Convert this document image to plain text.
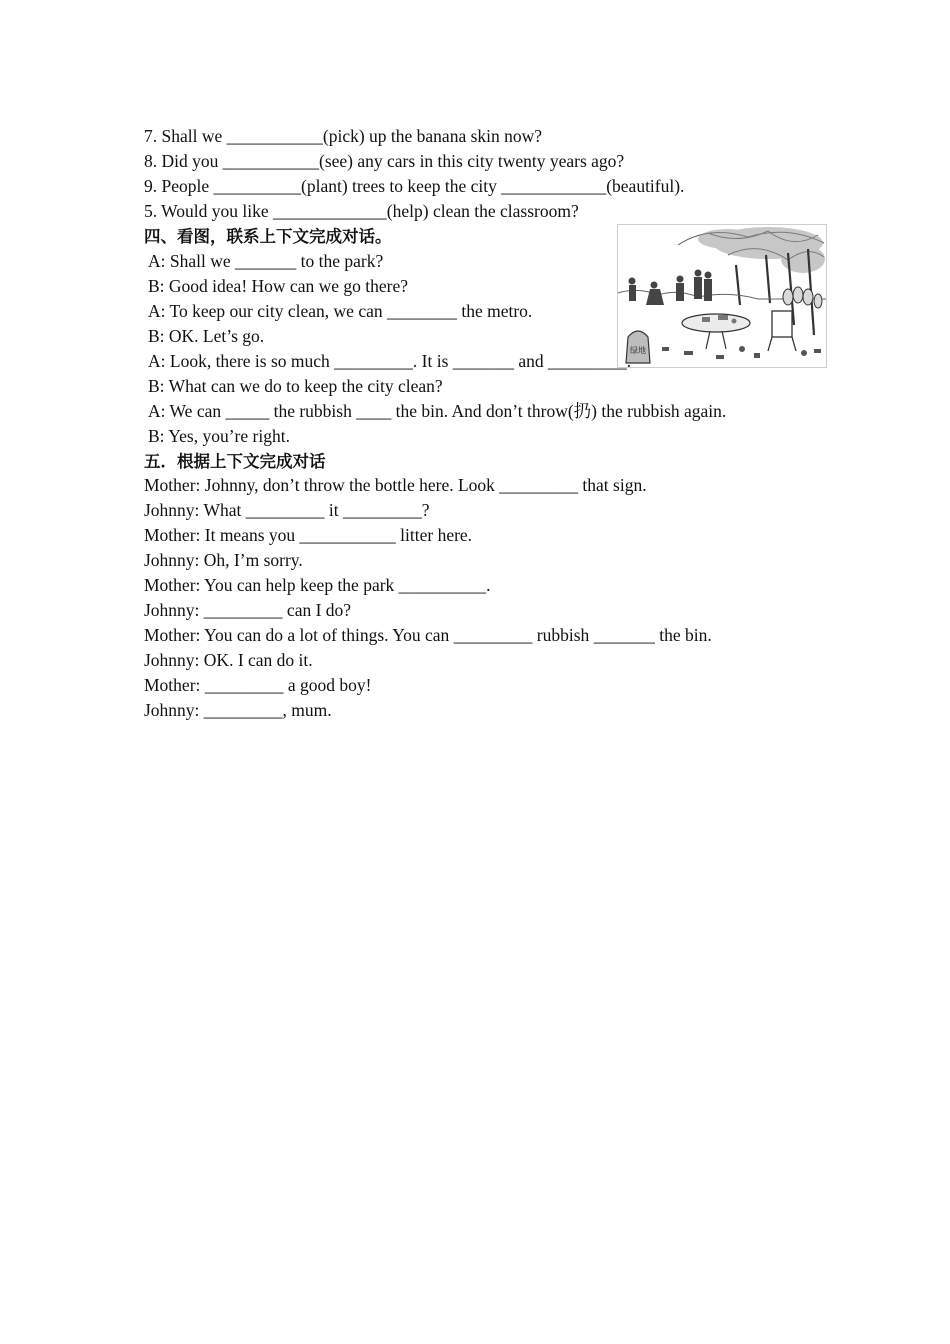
7. Shall we ___________(pick) up the banana skin now?
8. Did you ___________(see) any cars in this city twenty years ago?
9. People __________(plant) trees to keep the city ____________(beautiful).
5. Would you like _____________(help) clean the classroom?
四、看图，联系上下文完成对话。
绿地
A: Shall we _______ to the park?
B: Good idea! How can we go there?
A: To keep our city clean, we can ________ the metro.
B: OK. Let’s go.
A: Look, there is so much _________. It is _______ and _________.
B: What can we do to keep the city clean?
A: We can _____ the rubbish ____ the bin. And don’t throw(扔) the rubbish again.
B: Yes, you’re right.
五．根据上下文完成对话
Mother: Johnny, don’t throw the bottle here. Look _________ that sign.
Johnny: What _________ it _________?
Mother: It means you ___________ litter here.
Johnny: Oh, I’m sorry.
Mother: You can help keep the park __________.
Johnny: _________ can I do?
Mother: You can do a lot of things. You can _________ rubbish _______ the bin.
Johnny: OK. I can do it.
Mother: _________ a good boy!
Johnny: _________, mum.
